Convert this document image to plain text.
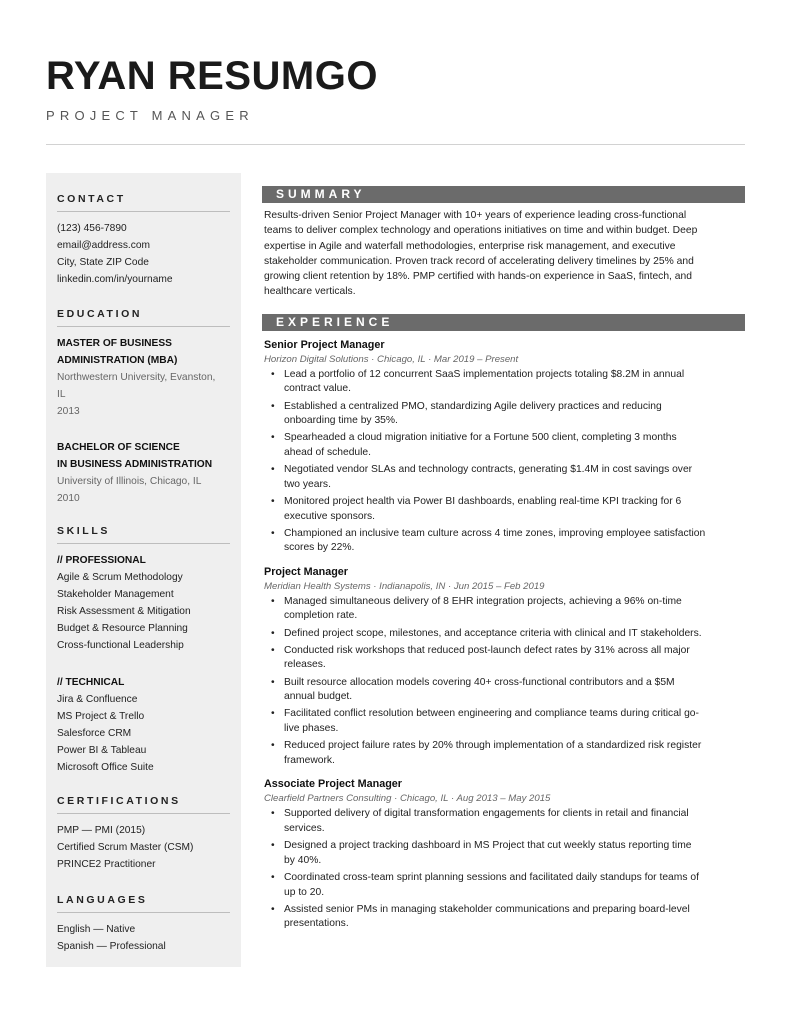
RYAN RESUMGO
PROJECT MANAGER
CONTACT
(123) 456-7890
email@address.com
City, State ZIP Code
linkedin.com/in/yourname
EDUCATION
MASTER OF BUSINESS
ADMINISTRATION (MBA)
Northwestern University, Evanston,
IL
2013
BACHELOR OF SCIENCE
IN BUSINESS ADMINISTRATION
University of Illinois, Chicago, IL
2010
SKILLS
// PROFESSIONAL
Agile & Scrum Methodology
Stakeholder Management
Risk Assessment & Mitigation
Budget & Resource Planning
Cross-functional Leadership
// TECHNICAL
Jira & Confluence
MS Project & Trello
Salesforce CRM
Power BI & Tableau
Microsoft Office Suite
CERTIFICATIONS
PMP — PMI (2015)
Certified Scrum Master (CSM)
PRINCE2 Practitioner
LANGUAGES
English — Native
Spanish — Professional
SUMMARY
Results-driven Senior Project Manager with 10+ years of experience leading cross-functional
teams to deliver complex technology and operations initiatives on time and within budget. Deep
expertise in Agile and waterfall methodologies, enterprise risk management, and executive
stakeholder communication. Proven track record of accelerating delivery timelines by 25% and
growing client retention by 18%. PMP certified with hands-on experience in SaaS, fintech, and
healthcare verticals.
EXPERIENCE
Senior Project Manager
Horizon Digital Solutions · Chicago, IL · Mar 2019 – Present
• Lead a portfolio of 12 concurrent SaaS implementation projects totaling $8.2M in annual
contract value.
• Established a centralized PMO, standardizing Agile delivery practices and reducing
onboarding time by 35%.
• Spearheaded a cloud migration initiative for a Fortune 500 client, completing 3 months
ahead of schedule.
• Negotiated vendor SLAs and technology contracts, generating $1.4M in cost savings over
two years.
• Monitored project health via Power BI dashboards, enabling real-time KPI tracking for 6
executive sponsors.
• Championed an inclusive team culture across 4 time zones, improving employee satisfaction
scores by 22%.
Project Manager
Meridian Health Systems · Indianapolis, IN · Jun 2015 – Feb 2019
• Managed simultaneous delivery of 8 EHR integration projects, achieving a 96% on-time
completion rate.
• Defined project scope, milestones, and acceptance criteria with clinical and IT stakeholders.
• Conducted risk workshops that reduced post-launch defect rates by 31% across all major
releases.
• Built resource allocation models covering 40+ cross-functional contributors and a $5M
annual budget.
• Facilitated conflict resolution between engineering and compliance teams during critical go-
live phases.
• Reduced project failure rates by 20% through implementation of a standardized risk register
framework.
Associate Project Manager
Clearfield Partners Consulting · Chicago, IL · Aug 2013 – May 2015
• Supported delivery of digital transformation engagements for clients in retail and financial
services.
• Designed a project tracking dashboard in MS Project that cut weekly status reporting time
by 40%.
• Coordinated cross-team sprint planning sessions and facilitated daily standups for teams of
up to 20.
• Assisted senior PMs in managing stakeholder communications and preparing board-level
presentations.
